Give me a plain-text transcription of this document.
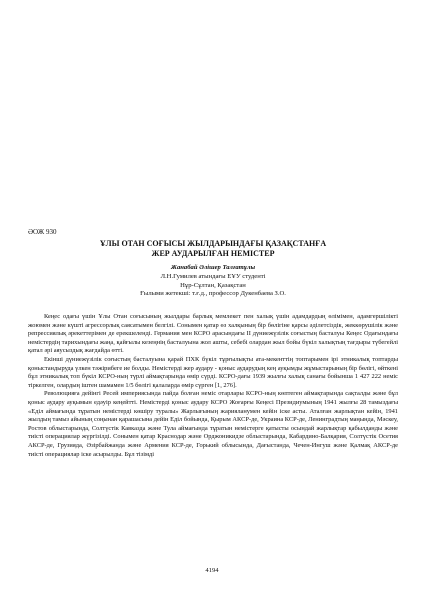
ӘОЖ 930
ҰЛЫ ОТАН СОҒЫСЫ ЖЫЛДАРЫНДАҒЫ ҚАЗАҚСТАНҒА
ЖЕР АУДАРЫЛҒАН НЕМІСТЕР
Жанабай Әлішер Талғатұлы
Л.Н.Гумилев атындағы ЕҰУ студенті
Нұр-Сұлтан, Қазақстан
Ғылыми жетекші: т.ғ.д., профессор Дукенбаева З.О.

Кеңес одағы үшін Ұлы Отан соғысының жылдары барлық мемлекет пен халық үшін адамдардың өлімімен, адамгершілікті жоюмен және күшті агрессорлық саясатымен белгілі. Сонымен қатар өз халқының бір бөлігіне қарсы әділетсіздік, жеккөрушілік және репрессиялық әрекеттерімен де ерекшеленді. Германия мен КСРО арасындағы ІІ дүниежүзілік соғыстың басталуы Кеңес Одағындағы немістердің тарихындағы жаңа, қайғылы кезеңнің басталуына жол ашты, себебі олардан жыл бойы бүкіл халықтың тағдыры түбегейлі қатал әрі аяусыздық жағдайда өтті.

Екінші дүниежүзілік соғыстың басталуына қарай ПХК бүкіл тұрғылықты ата-мекенттің топтарымен ірі этникалық топтарды қоныстандыруда үлкен тәжірибеге ие болды. Немістерді жер аудару - қоныс аударудың кең ауқымды жұмыстарының бір бөлігі, өйткені бұл этникалық топ бүкіл КСРО-ның түрлі аймақтарында өмір сүрді. КСРО-дағы 1939 жылғы халық санағы бойынша 1 427 222 неміс тіркелген, олардың іштен шамамен 1/5 бөлігі қалаларда өмір сүрген [1, 276].

Революцияға дейінгі Ресей империясында пайда болған неміс отарлары КСРО-ның көптеген аймақтарында сақталды және бұл қоныс аудару ауқымын едәуір кеңейтті. Немістерді қоныс аудару КСРО Жоғарғы Кеңесі Президиумының 1941 жылғы 28 тамыздағы «Еділ аймағында тұратын немістерді көшіру туралы» Жарлығының жарияланумен кейін іске асты. Аталған жарлықтан кейін, 1941 жылдың тамыз айының соңынан қарашасына дейін Еділ бойында, Қырым АКСР-де, Украина КСР-де, Ленинградтың маңында, Мәскеу, Ростов облыстарында, Солтүстік Кавказда және Тула аймағында тұратын немістерге қатысты осындай жарлықтар қабылданды және тиісті операциялар жүргізілді. Сонымен қатар Краснодар және Орджоникидзе облыстарында, Кабардино-Балқария, Солтүстік Осетия АКСР-де, Грузияда, Әзірбайжанда және Армения КСР-де, Горький облысында, Дағыстанда, Чечен-Ингуш және Қалмақ АКСР-де тиісті операциялар іске асырылды. Бұл тізімді

4194
